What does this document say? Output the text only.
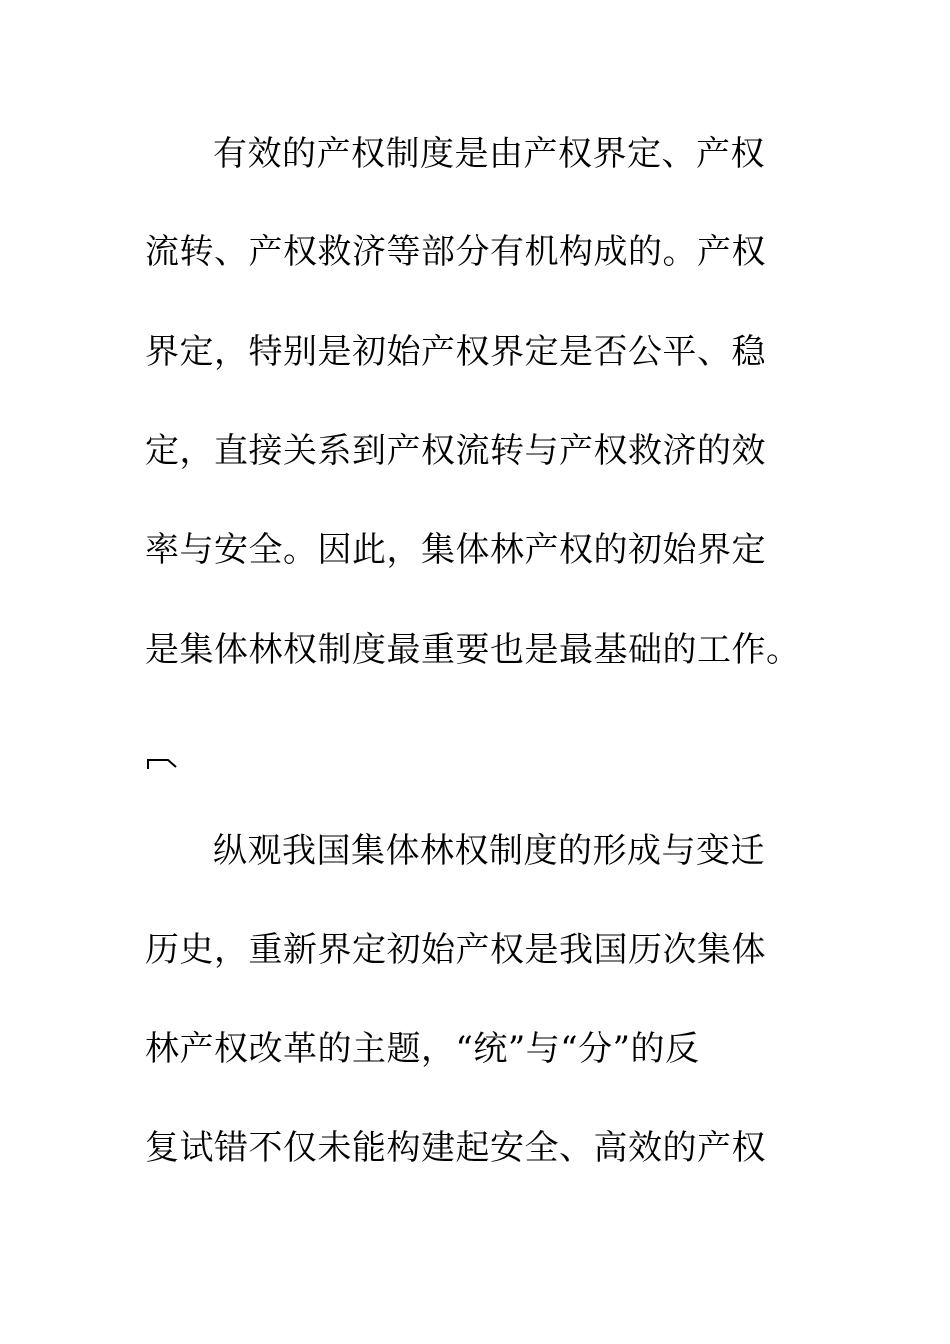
有效的产权制度是由产权界定、产权
流转、产权救济等部分有机构成的。产权
界定，特别是初始产权界定是否公平、稳
定，直接关系到产权流转与产权救济的效
率与安全。因此，集体林产权的初始界定
是集体林权制度最重要也是最基础的工作。
纵观我国集体林权制度的形成与变迁
历史，重新界定初始产权是我国历次集体
林产权改革的主题，“统”与“分”的反
复试错不仅未能构建起安全、高效的产权
